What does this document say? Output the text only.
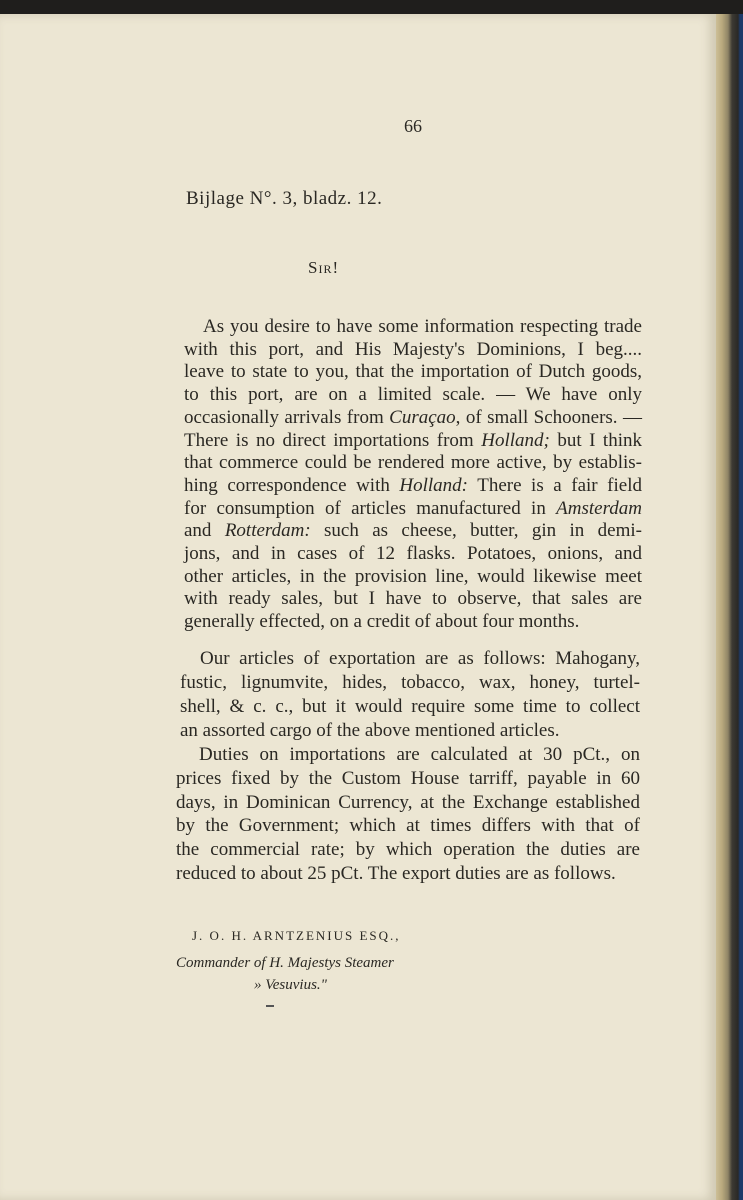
66
Bijlage N°. 3, bladz. 12.
Sir!
As you desire to have some information respecting trade
with this port, and His Majesty's Dominions, I beg....
leave to state to you, that the importation of Dutch goods,
to this port, are on a limited scale. — We have only
occasionally arrivals from Curaçao, of small Schooners. —
There is no direct importations from Holland; but I think
that commerce could be rendered more active, by establis-
hing correspondence with Holland: There is a fair field
for consumption of articles manufactured in Amsterdam
and Rotterdam: such as cheese, butter, gin in demi-
jons, and in cases of 12 flasks. Potatoes, onions, and
other articles, in the provision line, would likewise meet
with ready sales, but I have to observe, that sales are
generally effected, on a credit of about four months.
Our articles of exportation are as follows: Mahogany,
fustic, lignumvite, hides, tobacco, wax, honey, turtel-
shell, & c. c., but it would require some time to collect
an assorted cargo of the above mentioned articles.
Duties on importations are calculated at 30 pCt., on
prices fixed by the Custom House tarriff, payable in 60
days, in Dominican Currency, at the Exchange established
by the Government; which at times differs with that of
the commercial rate; by which operation the duties are
reduced to about 25 pCt. The export duties are as follows.
J. O. H. ARNTZENIUS ESQ.,
Commander of H. Majestys Steamer
» Vesuvius."
